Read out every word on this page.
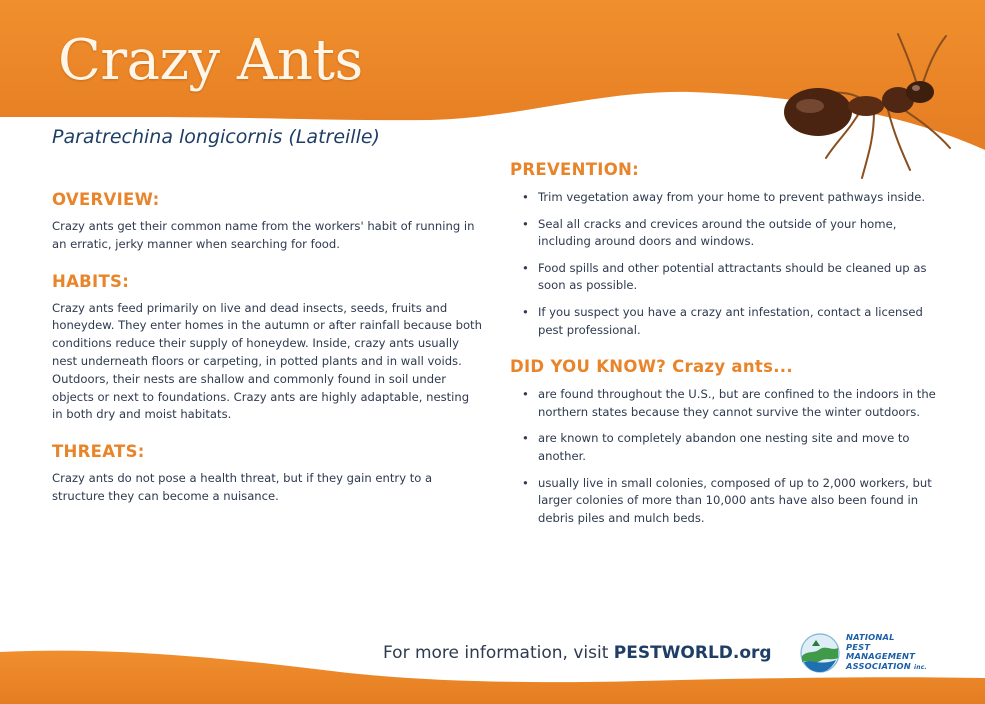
Crazy Ants
Paratrechina longicornis (Latreille)
OVERVIEW:

Crazy ants get their common name from the workers' habit of running in an erratic, jerky manner when searching for food.

HABITS:

Crazy ants feed primarily on live and dead insects, seeds, fruits and honeydew. They enter homes in the autumn or after rainfall because both conditions reduce their supply of honeydew. Inside, crazy ants usually nest underneath floors or carpeting, in potted plants and in wall voids. Outdoors, their nests are shallow and commonly found in soil under objects or next to foundations. Crazy ants are highly adaptable, nesting in both dry and moist habitats.

THREATS:

Crazy ants do not pose a health threat, but if they gain entry to a structure they can become a nuisance.

PREVENTION:
• Trim vegetation away from your home to prevent pathways inside.
• Seal all cracks and crevices around the outside of your home, including around doors and windows.
• Food spills and other potential attractants should be cleaned up as soon as possible.
• If you suspect you have a crazy ant infestation, contact a licensed pest professional.
DID YOU KNOW? Crazy ants...
• are found throughout the U.S., but are confined to the indoors in the northern states because they cannot survive the winter outdoors.
• are known to completely abandon one nesting site and move to another.
• usually live in small colonies, composed of up to 2,000 workers, but larger colonies of more than 10,000 ants have also been found in debris piles and mulch beds.
For more information, visit PESTWORLD.org
NATIONAL
PEST
MANAGEMENT
ASSOCIATION inc.
